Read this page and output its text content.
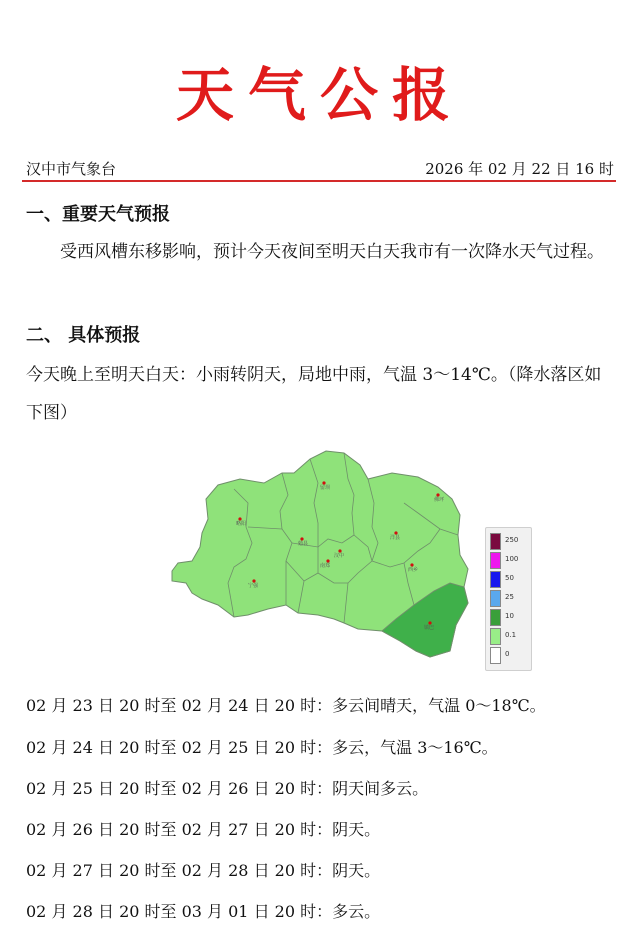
天气公报
汉中市气象台	2026 年 02 月 22 日 16 时
一、重要天气预报
受西风槽东移影响，预计今天夜间至明天白天我市有一次降水天气过程。
二、 具体预报
今天晚上至明天白天：小雨转阴天，局地中雨，气温 3～14℃。（降水落区如下图）
留坝
佛坪
略阳
勉县
洋县
汉中
南郑
西乡
宁强
镇巴
250
100
50
25
10
0.1
0
02 月 23 日 20 时至 02 月 24 日 20 时：多云间晴天，气温 0～18℃。
02 月 24 日 20 时至 02 月 25 日 20 时：多云，气温 3～16℃。
02 月 25 日 20 时至 02 月 26 日 20 时：阴天间多云。
02 月 26 日 20 时至 02 月 27 日 20 时：阴天。
02 月 27 日 20 时至 02 月 28 日 20 时：阴天。
02 月 28 日 20 时至 03 月 01 日 20 时：多云。
